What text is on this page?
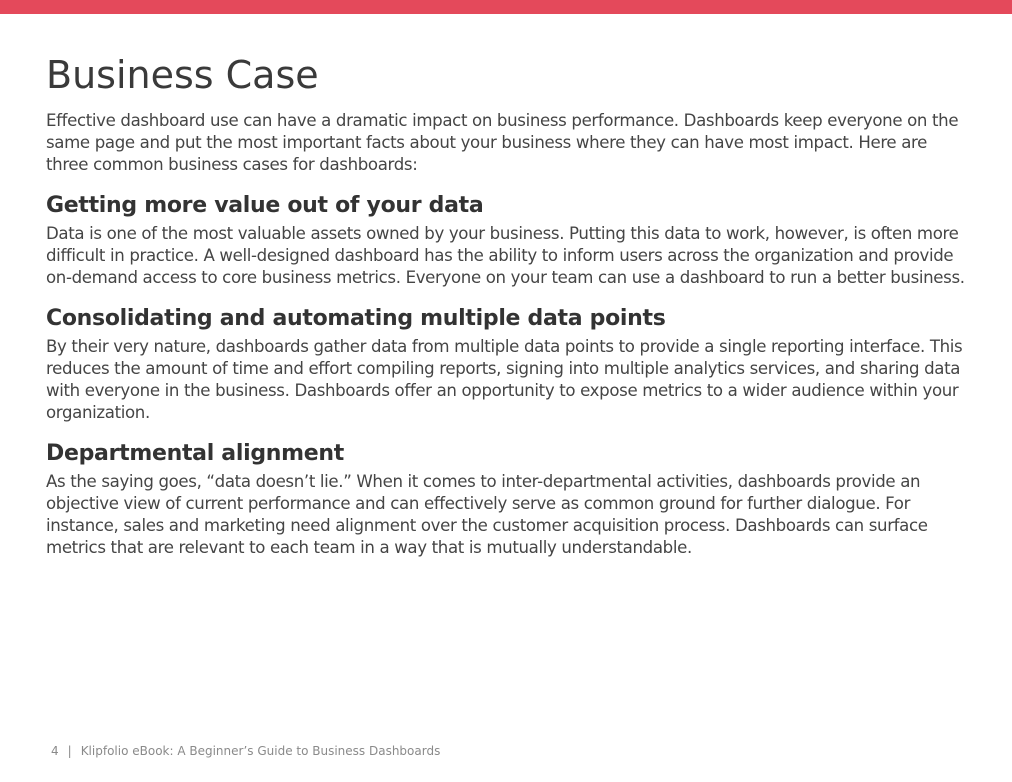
Business Case

Effective dashboard use can have a dramatic impact on business performance. Dashboards keep everyone on the same page and put the most important facts about your business where they can have most impact. Here are three common business cases for dashboards:

Getting more value out of your data

Data is one of the most valuable assets owned by your business. Putting this data to work, however, is often more difficult in practice. A well-designed dashboard has the ability to inform users across the organization and provide on-demand access to core business metrics. Everyone on your team can use a dashboard to run a better business.

Consolidating and automating multiple data points

By their very nature, dashboards gather data from multiple data points to provide a single reporting interface. This reduces the amount of time and effort compiling reports, signing into multiple analytics services, and sharing data with everyone in the business. Dashboards offer an opportunity to expose metrics to a wider audience within your organization.

Departmental alignment

As the saying goes, “data doesn’t lie.” When it comes to inter-departmental activities, dashboards provide an objective view of current performance and can effectively serve as common ground for further dialogue. For instance, sales and marketing need alignment over the customer acquisition process. Dashboards can surface metrics that are relevant to each team in a way that is mutually understandable.

4 | Klipfolio eBook: A Beginner’s Guide to Business Dashboards
